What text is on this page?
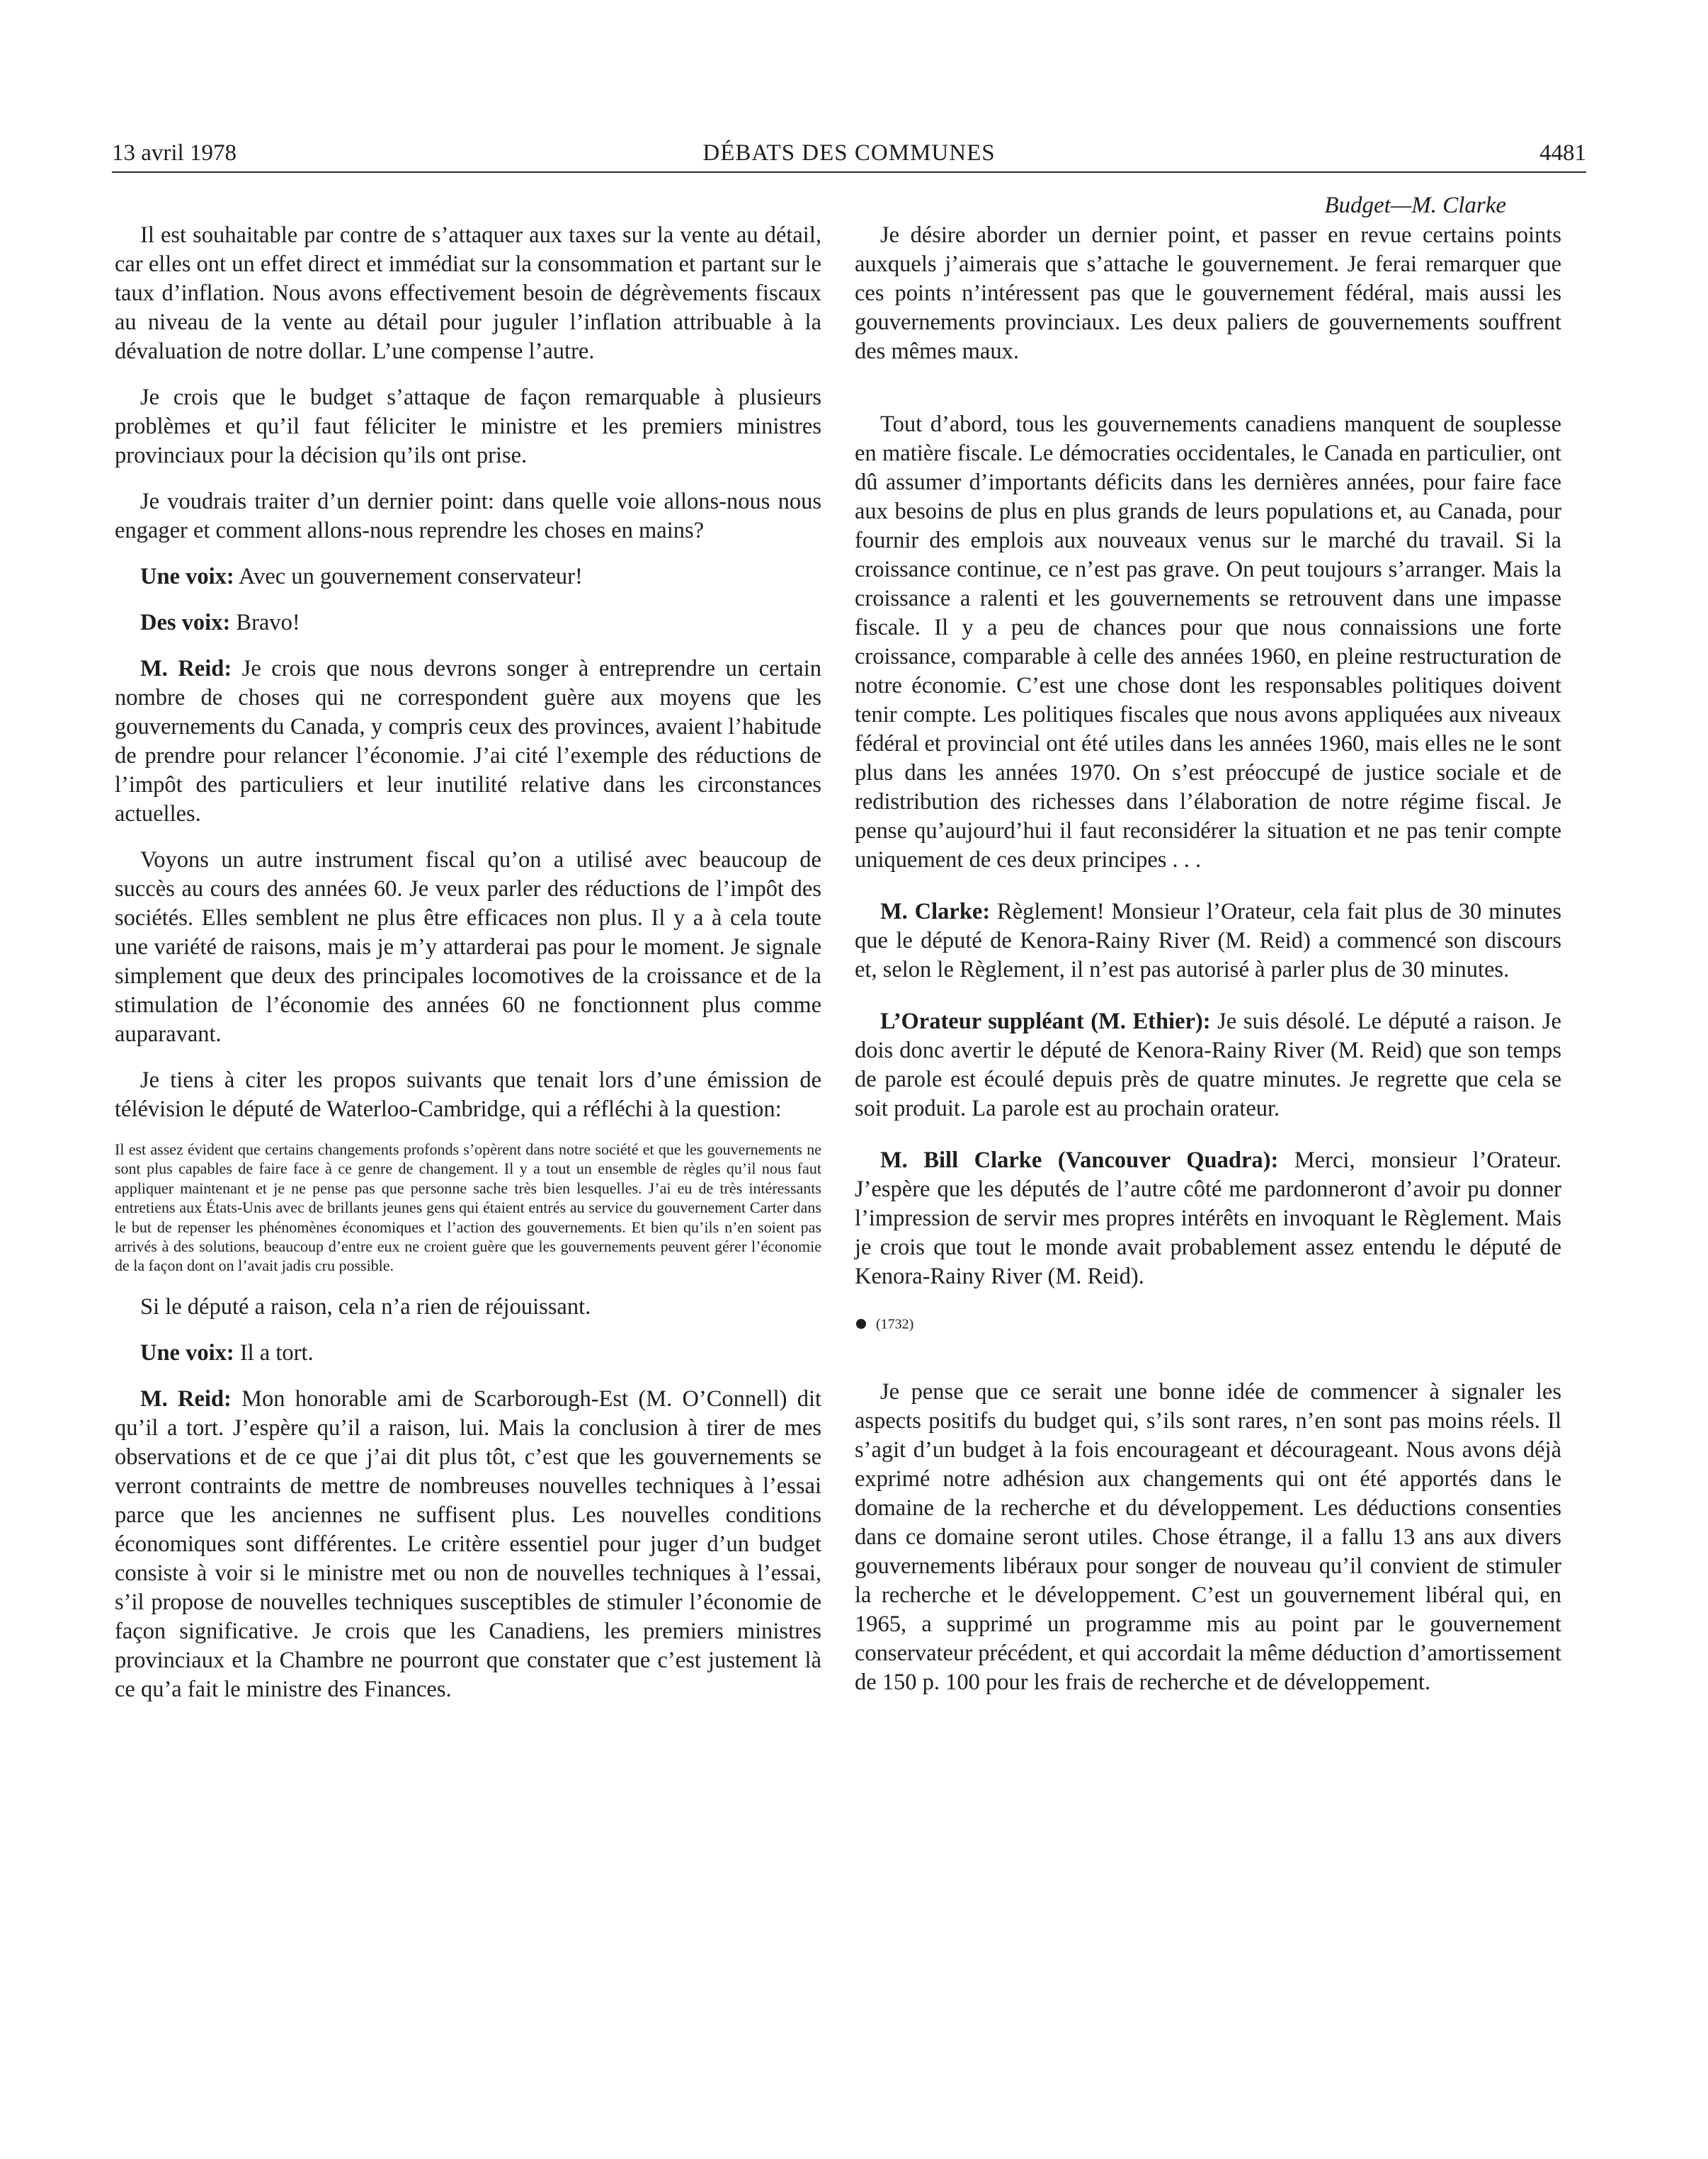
13 avril 1978	DÉBATS DES COMMUNES	4481

Il est souhaitable par contre de s’attaquer aux taxes sur la vente au détail, car elles ont un effet direct et immédiat sur la consommation et partant sur le taux d’inflation. Nous avons effectivement besoin de dégrèvements fiscaux au niveau de la vente au détail pour juguler l’inflation attribuable à la dévaluation de notre dollar. L’une compense l’autre.

Je crois que le budget s’attaque de façon remarquable à plusieurs problèmes et qu’il faut féliciter le ministre et les premiers ministres provinciaux pour la décision qu’ils ont prise.

Je voudrais traiter d’un dernier point: dans quelle voie allons-nous nous engager et comment allons-nous reprendre les choses en mains?

Une voix: Avec un gouvernement conservateur!

Des voix: Bravo!

M. Reid: Je crois que nous devrons songer à entreprendre un certain nombre de choses qui ne correspondent guère aux moyens que les gouvernements du Canada, y compris ceux des provinces, avaient l’habitude de prendre pour relancer l’économie. J’ai cité l’exemple des réductions de l’impôt des particuliers et leur inutilité relative dans les circonstances actuelles.

Voyons un autre instrument fiscal qu’on a utilisé avec beaucoup de succès au cours des années 60. Je veux parler des réductions de l’impôt des sociétés. Elles semblent ne plus être efficaces non plus. Il y a à cela toute une variété de raisons, mais je m’y attarderai pas pour le moment. Je signale simplement que deux des principales locomotives de la croissance et de la stimulation de l’économie des années 60 ne fonctionnent plus comme auparavant.

Je tiens à citer les propos suivants que tenait lors d’une émission de télévision le député de Waterloo-Cambridge, qui a réfléchi à la question:

Il est assez évident que certains changements profonds s’opèrent dans notre société et que les gouvernements ne sont plus capables de faire face à ce genre de changement. Il y a tout un ensemble de règles qu’il nous faut appliquer maintenant et je ne pense pas que personne sache très bien lesquelles. J’ai eu de très intéressants entretiens aux États-Unis avec de brillants jeunes gens qui étaient entrés au service du gouvernement Carter dans le but de repenser les phénomènes économiques et l’action des gouvernements. Et bien qu’ils n’en soient pas arrivés à des solutions, beaucoup d’entre eux ne croient guère que les gouvernements peuvent gérer l’économie de la façon dont on l’avait jadis cru possible.

Si le député a raison, cela n’a rien de réjouissant.

Une voix: Il a tort.

M. Reid: Mon honorable ami de Scarborough-Est (M. O’Connell) dit qu’il a tort. J’espère qu’il a raison, lui. Mais la conclusion à tirer de mes observations et de ce que j’ai dit plus tôt, c’est que les gouvernements se verront contraints de mettre de nombreuses nouvelles techniques à l’essai parce que les anciennes ne suffisent plus. Les nouvelles conditions économiques sont différentes. Le critère essentiel pour juger d’un budget consiste à voir si le ministre met ou non de nouvelles techniques à l’essai, s’il propose de nouvelles techniques susceptibles de stimuler l’économie de façon significative. Je crois que les Canadiens, les premiers ministres provinciaux et la Chambre ne pourront que constater que c’est justement là ce qu’a fait le ministre des Finances.

Budget—M. Clarke

Je désire aborder un dernier point, et passer en revue certains points auxquels j’aimerais que s’attache le gouvernement. Je ferai remarquer que ces points n’intéressent pas que le gouvernement fédéral, mais aussi les gouvernements provinciaux. Les deux paliers de gouvernements souffrent des mêmes maux.

Tout d’abord, tous les gouvernements canadiens manquent de souplesse en matière fiscale. Le démocraties occidentales, le Canada en particulier, ont dû assumer d’importants déficits dans les dernières années, pour faire face aux besoins de plus en plus grands de leurs populations et, au Canada, pour fournir des emplois aux nouveaux venus sur le marché du travail. Si la croissance continue, ce n’est pas grave. On peut toujours s’arranger. Mais la croissance a ralenti et les gouvernements se retrouvent dans une impasse fiscale. Il y a peu de chances pour que nous connaissions une forte croissance, comparable à celle des années 1960, en pleine restructuration de notre économie. C’est une chose dont les responsables politiques doivent tenir compte. Les politiques fiscales que nous avons appliquées aux niveaux fédéral et provincial ont été utiles dans les années 1960, mais elles ne le sont plus dans les années 1970. On s’est préoccupé de justice sociale et de redistribution des richesses dans l’élaboration de notre régime fiscal. Je pense qu’aujourd’hui il faut reconsidérer la situation et ne pas tenir compte uniquement de ces deux principes . . .

M. Clarke: Règlement! Monsieur l’Orateur, cela fait plus de 30 minutes que le député de Kenora-Rainy River (M. Reid) a commencé son discours et, selon le Règlement, il n’est pas autorisé à parler plus de 30 minutes.

L’Orateur suppléant (M. Ethier): Je suis désolé. Le député a raison. Je dois donc avertir le député de Kenora-Rainy River (M. Reid) que son temps de parole est écoulé depuis près de quatre minutes. Je regrette que cela se soit produit. La parole est au prochain orateur.

M. Bill Clarke (Vancouver Quadra): Merci, monsieur l’Orateur. J’espère que les députés de l’autre côté me pardonneront d’avoir pu donner l’impression de servir mes propres intérêts en invoquant le Règlement. Mais je crois que tout le monde avait probablement assez entendu le député de Kenora-Rainy River (M. Reid).

(1732)

Je pense que ce serait une bonne idée de commencer à signaler les aspects positifs du budget qui, s’ils sont rares, n’en sont pas moins réels. Il s’agit d’un budget à la fois encourageant et décourageant. Nous avons déjà exprimé notre adhésion aux changements qui ont été apportés dans le domaine de la recherche et du développement. Les déductions consenties dans ce domaine seront utiles. Chose étrange, il a fallu 13 ans aux divers gouvernements libéraux pour songer de nouveau qu’il convient de stimuler la recherche et le développement. C’est un gouvernement libéral qui, en 1965, a supprimé un programme mis au point par le gouvernement conservateur précédent, et qui accordait la même déduction d’amortissement de 150 p. 100 pour les frais de recherche et de développement.
